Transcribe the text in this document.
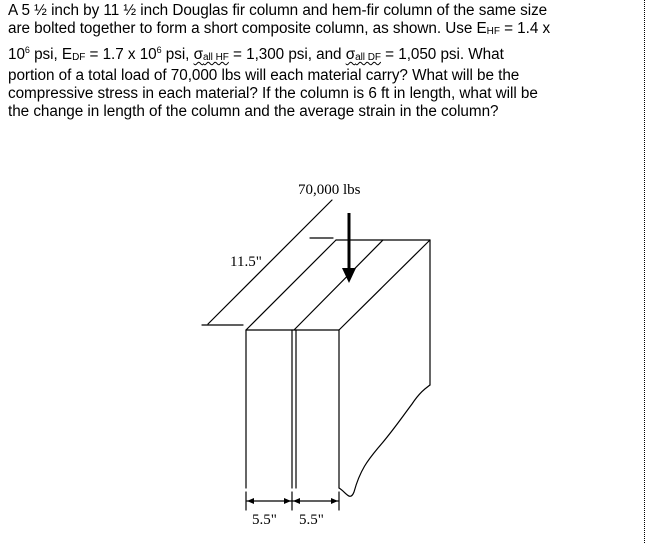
A 5 ½ inch by 11 ½ inch Douglas fir column and hem-fir column of the same size
are bolted together to form a short composite column, as shown. Use EHF = 1.4 x
$10^6$ psi, EDF = 1.7 x $10^6$ psi, σall HF = 1,300 psi, and σall DF = 1,050 psi. What
portion of a total load of 70,000 lbs will each material carry? What will be the
compressive stress in each material? If the column is 6 ft in length, what will be
the change in length of the column and the average strain in the column?
70,000 lbs
11.5"
5.5" 5.5"
